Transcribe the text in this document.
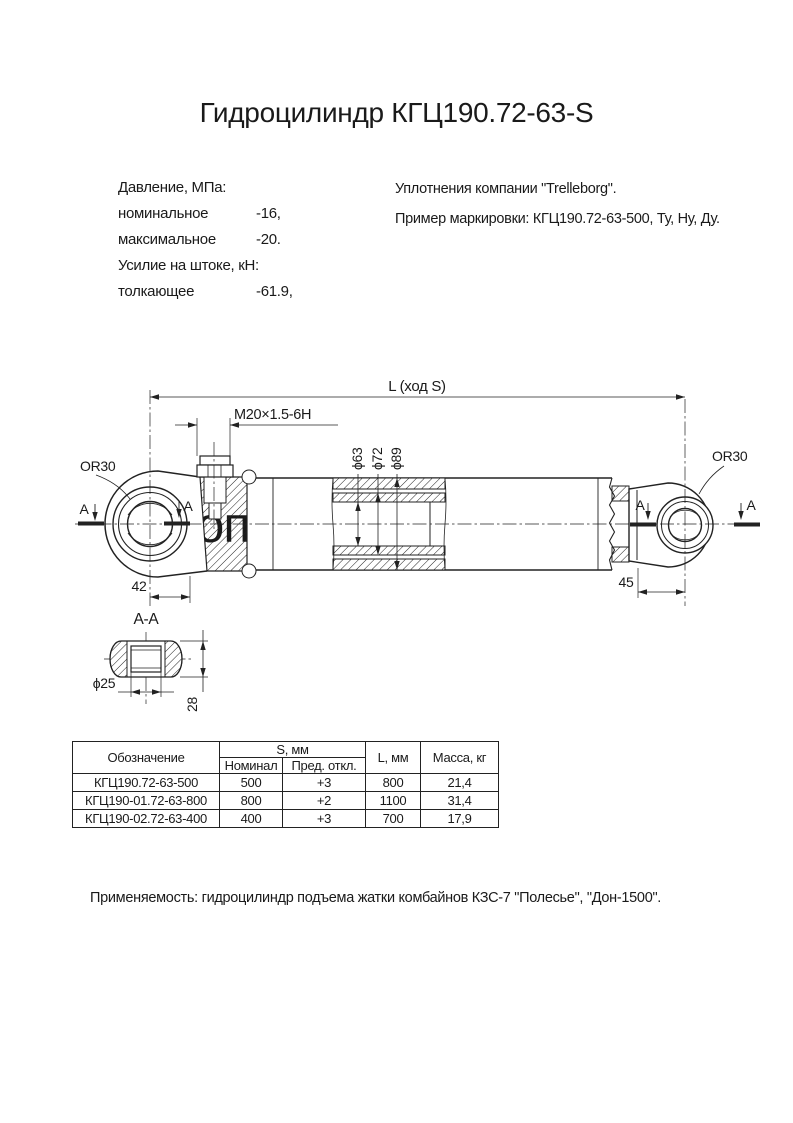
Гидроцилиндр КГЦ190.72-63-S
Давление, МПа:
номинальное	-16,
максимальное	-20.
Усилие на штоке, кН:
толкающее	-61.9,
Уплотнения компании "Trelleborg".
Пример маркировки: КГЦ190.72-63-500, Ту, Ну, Ду.
L (ход S)
М20×1.5-6Н
ϕ63 ϕ72 ϕ89
OR30
OR30
А	А	А	А
42	45
А-А
ϕ25
28
Обозначение	S, мм		L, мм	Масса, кг
	Номинал	Пред. откл.		
КГЦ190.72-63-500	500	+3	800	21,4
КГЦ190-01.72-63-800	800	+2	1100	31,4
КГЦ190-02.72-63-400	400	+3	700	17,9
Применяемость: гидроцилиндр подъема жатки комбайнов КЗС-7 "Полесье", "Дон-1500".
